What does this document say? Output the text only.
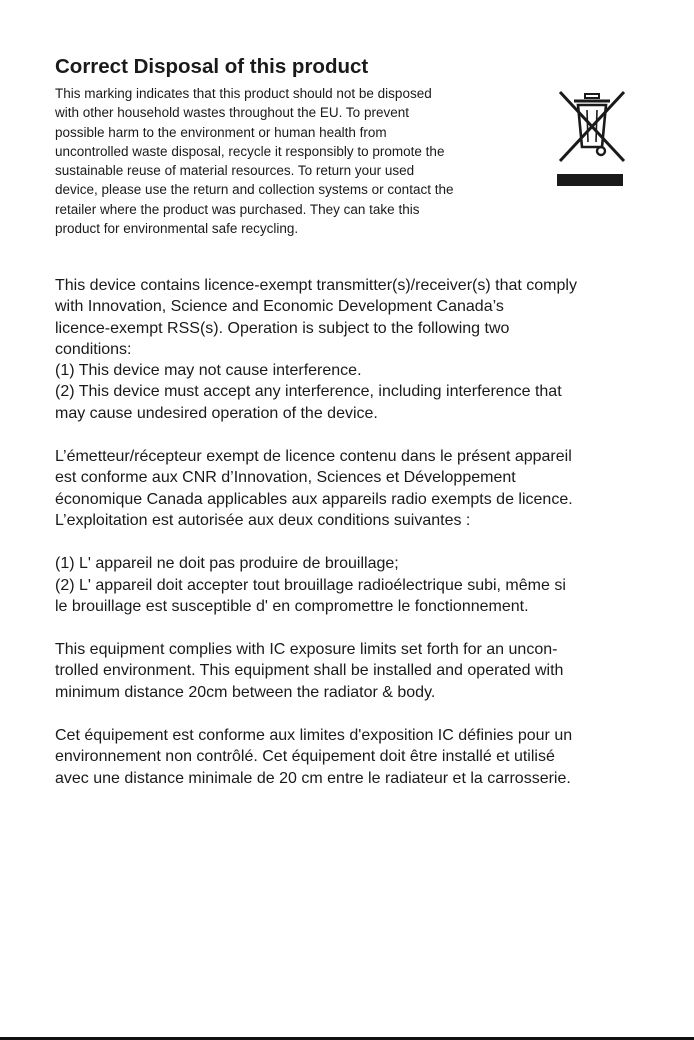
Correct Disposal of this product

This marking indicates that this product should not be disposed
with other household wastes throughout the EU. To prevent
possible harm to the environment or human health from
uncontrolled waste disposal, recycle it responsibly to promote the
sustainable reuse of material resources. To return your used
device, please use the return and collection systems or contact the
retailer where the product was purchased. They can take this
product for environmental safe recycling.

This device contains licence-exempt transmitter(s)/receiver(s) that comply
with Innovation, Science and Economic Development Canada’s
licence-exempt RSS(s). Operation is subject to the following two
conditions:
(1) This device may not cause interference.
(2) This device must accept any interference, including interference that
may cause undesired operation of the device.

L’émetteur/récepteur exempt de licence contenu dans le présent appareil
est conforme aux CNR d’Innovation, Sciences et Développement
économique Canada applicables aux appareils radio exempts de licence.
L’exploitation est autorisée aux deux conditions suivantes :

(1) L' appareil ne doit pas produire de brouillage;
(2) L' appareil doit accepter tout brouillage radioélectrique subi, même si
le brouillage est susceptible d' en compromettre le fonctionnement.

This equipment complies with IC exposure limits set forth for an uncon-
trolled environment. This equipment shall be installed and operated with
minimum distance 20cm between the radiator & body.

Cet équipement est conforme aux limites d'exposition IC définies pour un
environnement non contrôlé. Cet équipement doit être installé et utilisé
avec une distance minimale de 20 cm entre le radiateur et la carrosserie.
